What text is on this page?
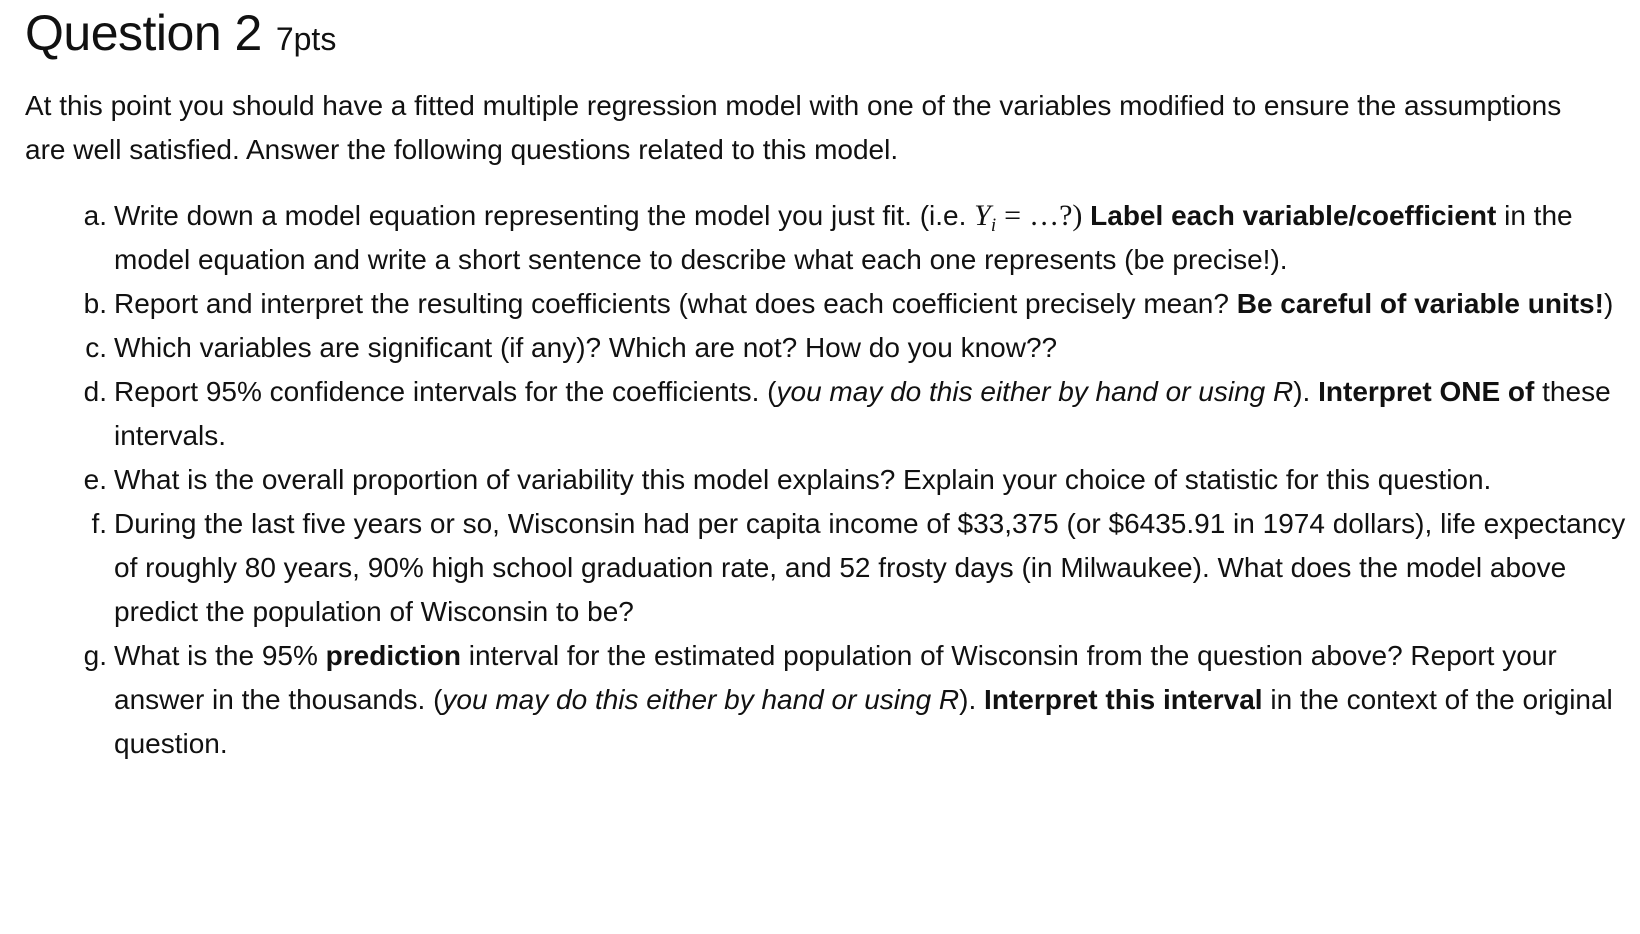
Question 2 7pts

At this point you should have a fitted multiple regression model with one of the variables modified to ensure the assumptions are well satisfied. Answer the following questions related to this model.

a. Write down a model equation representing the model you just fit. (i.e. $Y_i$ = …?) Label each variable/coefficient in the model equation and write a short sentence to describe what each one represents (be precise!).
b. Report and interpret the resulting coefficients (what does each coefficient precisely mean? Be careful of variable units!)
c. Which variables are significant (if any)? Which are not? How do you know??
d. Report 95% confidence intervals for the coefficients. (you may do this either by hand or using R). Interpret ONE of these intervals.
e. What is the overall proportion of variability this model explains? Explain your choice of statistic for this question.
f. During the last five years or so, Wisconsin had per capita income of $33,375 (or $6435.91 in 1974 dollars), life expectancy of roughly 80 years, 90% high school graduation rate, and 52 frosty days (in Milwaukee). What does the model above predict the population of Wisconsin to be?
g. What is the 95% prediction interval for the estimated population of Wisconsin from the question above? Report your answer in the thousands. (you may do this either by hand or using R). Interpret this interval in the context of the original question.
